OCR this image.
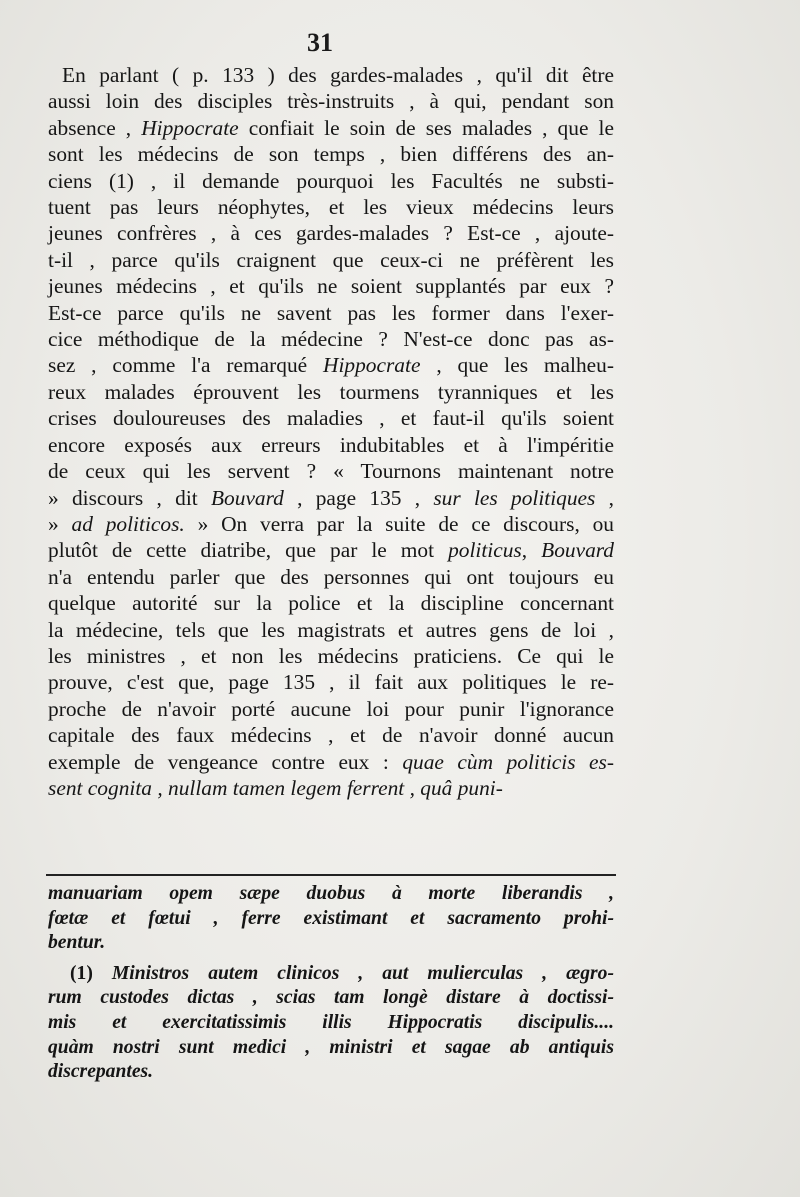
31
En parlant ( p. 133 ) des gardes-malades , qu'il dit être
aussi loin des disciples très-instruits , à qui, pendant son
absence , Hippocrate confiait le soin de ses malades , que le
sont les médecins de son temps , bien différens des an-
ciens (1) , il demande pourquoi les Facultés ne substi-
tuent pas leurs néophytes, et les vieux médecins leurs
jeunes confrères , à ces gardes-malades ? Est-ce , ajoute-
t-il , parce qu'ils craignent que ceux-ci ne préfèrent les
jeunes médecins , et qu'ils ne soient supplantés par eux ?
Est-ce parce qu'ils ne savent pas les former dans l'exer-
cice méthodique de la médecine ? N'est-ce donc pas as-
sez , comme l'a remarqué Hippocrate , que les malheu-
reux malades éprouvent les tourmens tyranniques et les
crises douloureuses des maladies , et faut-il qu'ils soient
encore exposés aux erreurs indubitables et à l'impéritie
de ceux qui les servent ? « Tournons maintenant notre
» discours , dit Bouvard , page 135 , sur les politiques ,
» ad politicos. » On verra par la suite de ce discours, ou
plutôt de cette diatribe, que par le mot politicus, Bouvard
n'a entendu parler que des personnes qui ont toujours eu
quelque autorité sur la police et la discipline concernant
la médecine, tels que les magistrats et autres gens de loi ,
les ministres , et non les médecins praticiens. Ce qui le
prouve, c'est que, page 135 , il fait aux politiques le re-
proche de n'avoir porté aucune loi pour punir l'ignorance
capitale des faux médecins , et de n'avoir donné aucun
exemple de vengeance contre eux : quae cùm politicis es-
sent cognita , nullam tamen legem ferrent , quâ puni-
manuariam opem sæpe duobus à morte liberandis ,
fœtæ et fœtui , ferre existimant et sacramento prohi-
bentur.
(1) Ministros autem clinicos , aut mulierculas , ægro-
rum custodes dictas , scias tam longè distare à doctissi-
mis et exercitatissimis illis Hippocratis discipulis....
quàm nostri sunt medici , ministri et sagae ab antiquis
discrepantes.
